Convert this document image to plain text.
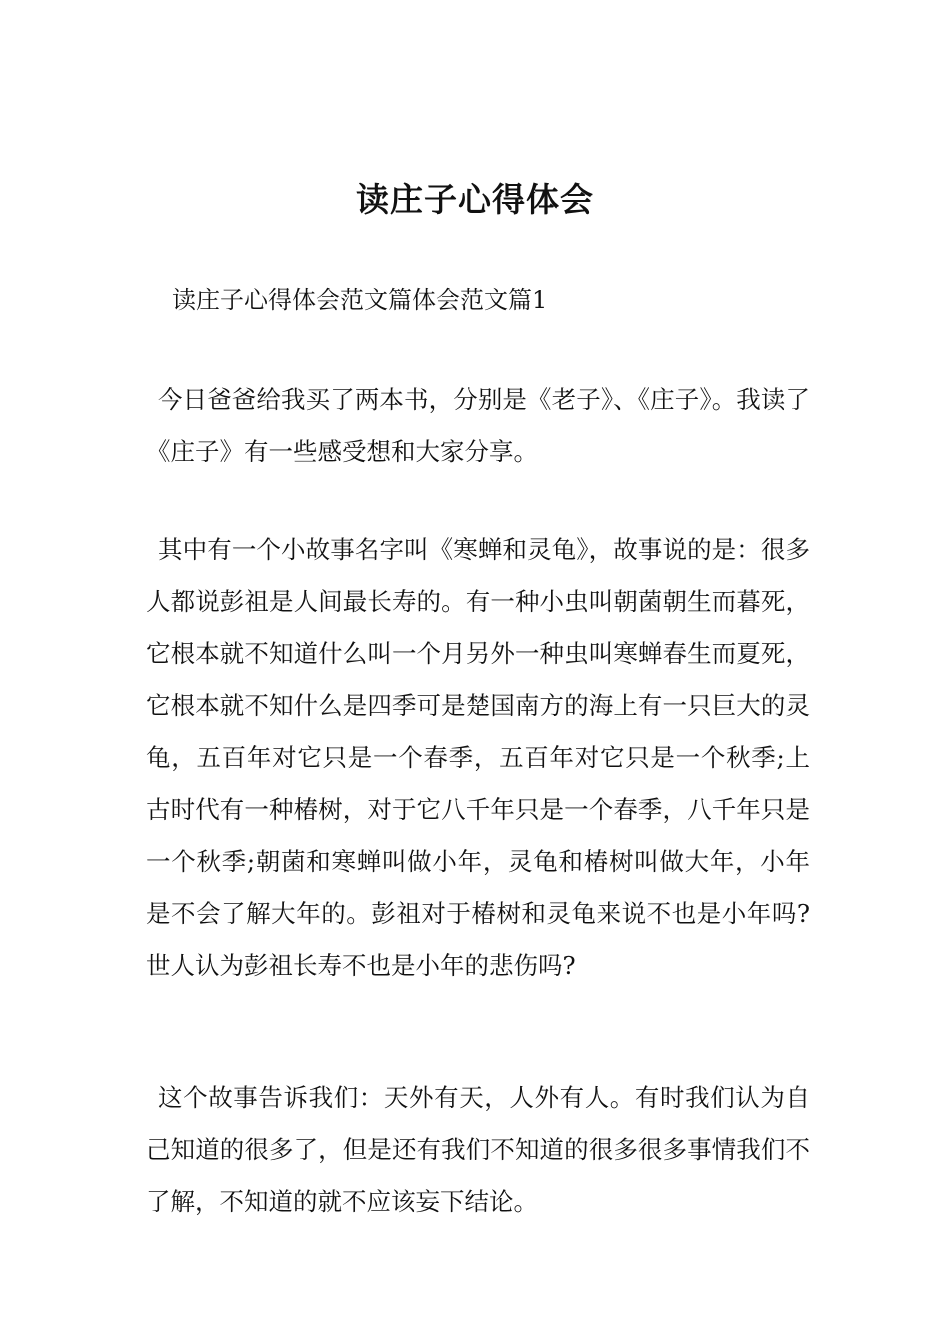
读庄子心得体会
读庄子心得体会范文篇体会范文篇1
今日爸爸给我买了两本书，分别是《老子》、《庄子》。我读了《庄子》有一些感受想和大家分享。
其中有一个小故事名字叫《寒蝉和灵龟》，故事说的是：很多人都说彭祖是人间最长寿的。有一种小虫叫朝菌朝生而暮死，它根本就不知道什么叫一个月另外一种虫叫寒蝉春生而夏死，它根本就不知什么是四季可是楚国南方的海上有一只巨大的灵龟，五百年对它只是一个春季，五百年对它只是一个秋季;上古时代有一种椿树，对于它八千年只是一个春季，八千年只是一个秋季;朝菌和寒蝉叫做小年，灵龟和椿树叫做大年，小年是不会了解大年的。彭祖对于椿树和灵龟来说不也是小年吗?世人认为彭祖长寿不也是小年的悲伤吗?
这个故事告诉我们：天外有天，人外有人。有时我们认为自己知道的很多了，但是还有我们不知道的很多很多事情我们不了解，不知道的就不应该妄下结论。
